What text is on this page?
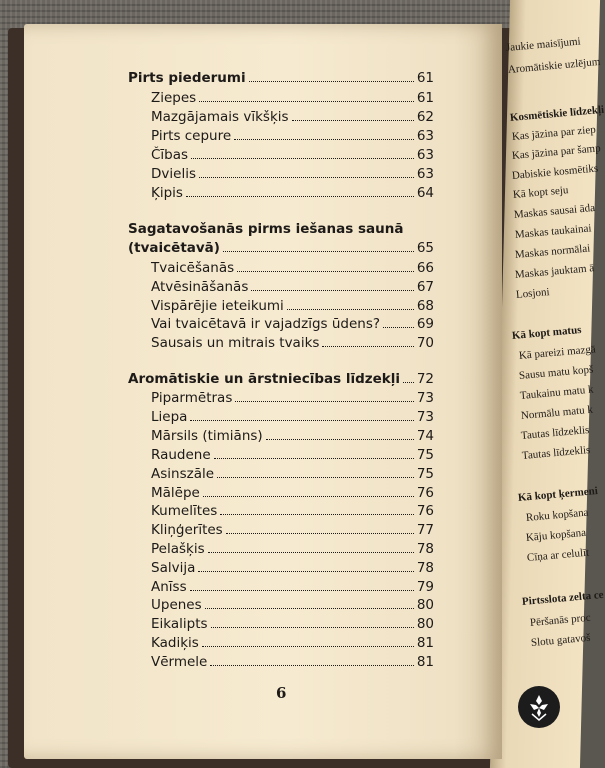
Pirts piederumi	61
Ziepes	61
Mazgājamais vīkšķis	62
Pirts cepure	63
Čības	63
Dvielis	63
Ķipis	64
Sagatavošanās pirms iešanas saunā
(tvaicētavā)	65
Tvaicēšanās	66
Atvēsināšanās	67
Vispārējie ieteikumi	68
Vai tvaicētavā ir vajadzīgs ūdens?	69
Sausais un mitrais tvaiks	70
Aromātiskie un ārstniecības līdzekļi 72
Piparmētras	73
Liepa	73
Mārsils (timiāns)	74
Raudene	75
Asinszāle	75
Mālēpe	76
Kumelītes	76
Kliņģerītes	77
Pelašķis	78
Salvija	78
Anīss	79
Upenes	80
Eikalipts	80
Kadiķis	81
Vērmele	81
6
Jaukie maisījumi
Aromātiskie uzlējum
Kosmētiskie līdzekļi
Kas jāzina par ziep
Kas jāzina par šamp
Dabiskie kosmētiks
Kā kopt seju
Maskas sausai āda
Maskas taukainai
Maskas normālai
Maskas jauktam ā
Losjoni
Kā kopt matus
Kā pareizi mazgā
Sausu matu kopš
Taukainu matu k
Normālu matu k
Tautas līdzeklis
Tautas līdzeklis
Kā kopt ķermeni
Roku kopšana
Kāju kopšana
Cīņa ar celulīt
Pirtsslota zelta ce
Pēršanās proc
Slotu gatavoš
